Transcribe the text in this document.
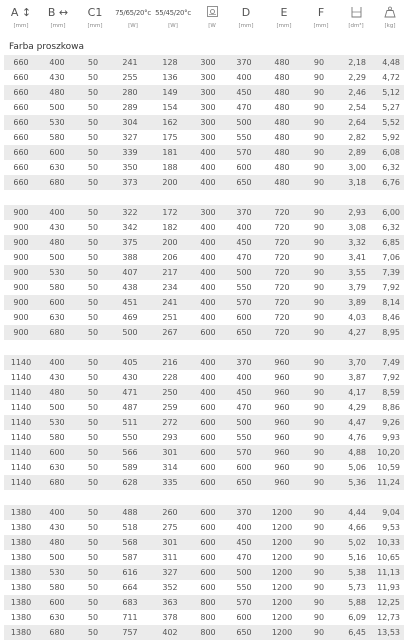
A ↕
[mm]
B ↔
[mm]
C1
[mm]
75/65/20°c
[W]
55/45/20°c
[W]	[W
D
[mm]
E
[mm]
F
[mm]	[dm³]	[kg]
Farba proszkowa
660	400	50	241	128	300	370	480	90	2,18	4,48
660	430	50	255	136	300	400	480	90	2,29	4,72
660	480	50	280	149	300	450	480	90	2,46	5,12
660	500	50	289	154	300	470	480	90	2,54	5,27
660	530	50	304	162	300	500	480	90	2,64	5,52
660	580	50	327	175	300	550	480	90	2,82	5,92
660	600	50	339	181	400	570	480	90	2,89	6,08
660	630	50	350	188	400	600	480	90	3,00	6,32
660	680	50	373	200	400	650	480	90	3,18	6,76

900	400	50	322	172	300	370	720	90	2,93	6,00
900	430	50	342	182	400	400	720	90	3,08	6,32
900	480	50	375	200	400	450	720	90	3,32	6,85
900	500	50	388	206	400	470	720	90	3,41	7,06
900	530	50	407	217	400	500	720	90	3,55	7,39
900	580	50	438	234	400	550	720	90	3,79	7,92
900	600	50	451	241	400	570	720	90	3,89	8,14
900	630	50	469	251	400	600	720	90	4,03	8,46
900	680	50	500	267	600	650	720	90	4,27	8,95

1140	400	50	405	216	400	370	960	90	3,70	7,49
1140	430	50	430	228	400	400	960	90	3,87	7,92
1140	480	50	471	250	400	450	960	90	4,17	8,59
1140	500	50	487	259	600	470	960	90	4,29	8,86
1140	530	50	511	272	600	500	960	90	4,47	9,26
1140	580	50	550	293	600	550	960	90	4,76	9,93
1140	600	50	566	301	600	570	960	90	4,88	10,20
1140	630	50	589	314	600	600	960	90	5,06	10,59
1140	680	50	628	335	600	650	960	90	5,36	11,24

1380	400	50	488	260	600	370	1200	90	4,44	9,04
1380	430	50	518	275	600	400	1200	90	4,66	9,53
1380	480	50	568	301	600	450	1200	90	5,02	10,33
1380	500	50	587	311	600	470	1200	90	5,16	10,65
1380	530	50	616	327	600	500	1200	90	5,38	11,13
1380	580	50	664	352	600	550	1200	90	5,73	11,93
1380	600	50	683	363	800	570	1200	90	5,88	12,25
1380	630	50	711	378	800	600	1200	90	6,09	12,73
1380	680	50	757	402	800	650	1200	90	6,45	13,53
